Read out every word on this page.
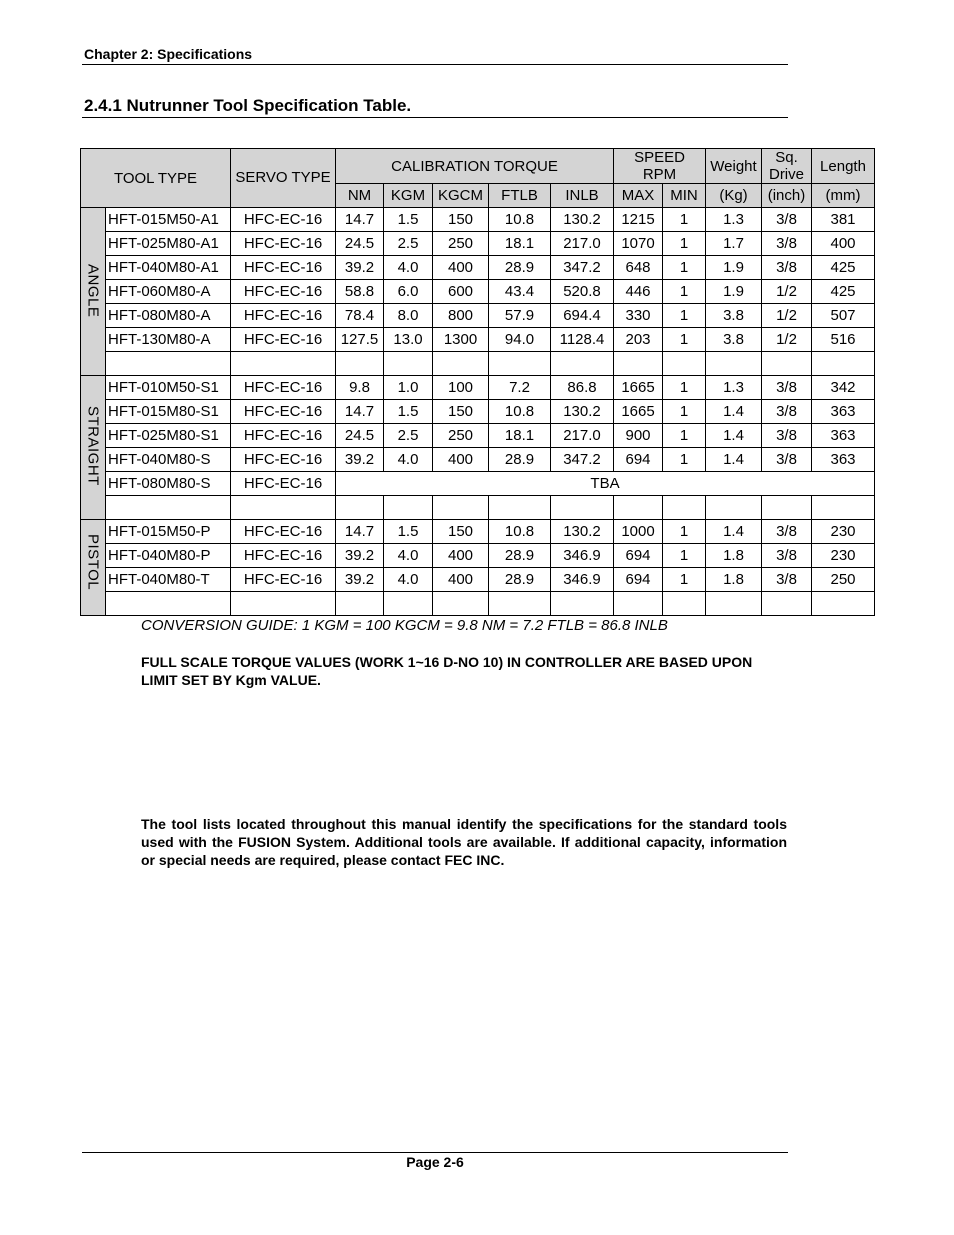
Chapter 2: Specifications
2.4.1 Nutrunner Tool Specification Table.
TOOL TYPE		SERVO TYPE	CALIBRATION TORQUE					SPEED RPM		Weight	Sq. Drive	Length
			NM	KGM	KGCM	FTLB	INLB	MAX	MIN	(Kg)	(inch)	(mm)

ANGLE	HFT-015M50-A1	HFC-EC-16	14.7	1.5	150	10.8	130.2	1215	1	1.3	3/8	381
	HFT-025M80-A1	HFC-EC-16	24.5	2.5	250	18.1	217.0	1070	1	1.7	3/8	400
	HFT-040M80-A1	HFC-EC-16	39.2	4.0	400	28.9	347.2	648	1	1.9	3/8	425
	HFT-060M80-A	HFC-EC-16	58.8	6.0	600	43.4	520.8	446	1	1.9	1/2	425
	HFT-080M80-A	HFC-EC-16	78.4	8.0	800	57.9	694.4	330	1	3.8	1/2	507
	HFT-130M80-A	HFC-EC-16	127.5	13.0	1300	94.0	1128.4	203	1	3.8	1/2	516

STRAIGHT	HFT-010M50-S1	HFC-EC-16	9.8	1.0	100	7.2	86.8	1665	1	1.3	3/8	342
	HFT-015M80-S1	HFC-EC-16	14.7	1.5	150	10.8	130.2	1665	1	1.4	3/8	363
	HFT-025M80-S1	HFC-EC-16	24.5	2.5	250	18.1	217.0	900	1	1.4	3/8	363
	HFT-040M80-S	HFC-EC-16	39.2	4.0	400	28.9	347.2	694	1	1.4	3/8	363
	HFT-080M80-S	HFC-EC-16	TBA									

PISTOL	HFT-015M50-P	HFC-EC-16	14.7	1.5	150	10.8	130.2	1000	1	1.4	3/8	230
	HFT-040M80-P	HFC-EC-16	39.2	4.0	400	28.9	346.9	694	1	1.8	3/8	230
	HFT-040M80-T	HFC-EC-16	39.2	4.0	400	28.9	346.9	694	1	1.8	3/8	250

CONVERSION GUIDE: 1 KGM = 100 KGCM = 9.8 NM = 7.2 FTLB = 86.8 INLB
FULL SCALE TORQUE VALUES (WORK 1~16 D-NO 10) IN CONTROLLER ARE BASED UPON LIMIT SET BY Kgm VALUE.
The tool lists located throughout this manual identify the specifications for the standard tools used with the FUSION System. Additional tools are available. If additional capacity, information or special needs are required, please contact FEC INC.
Page 2-6
